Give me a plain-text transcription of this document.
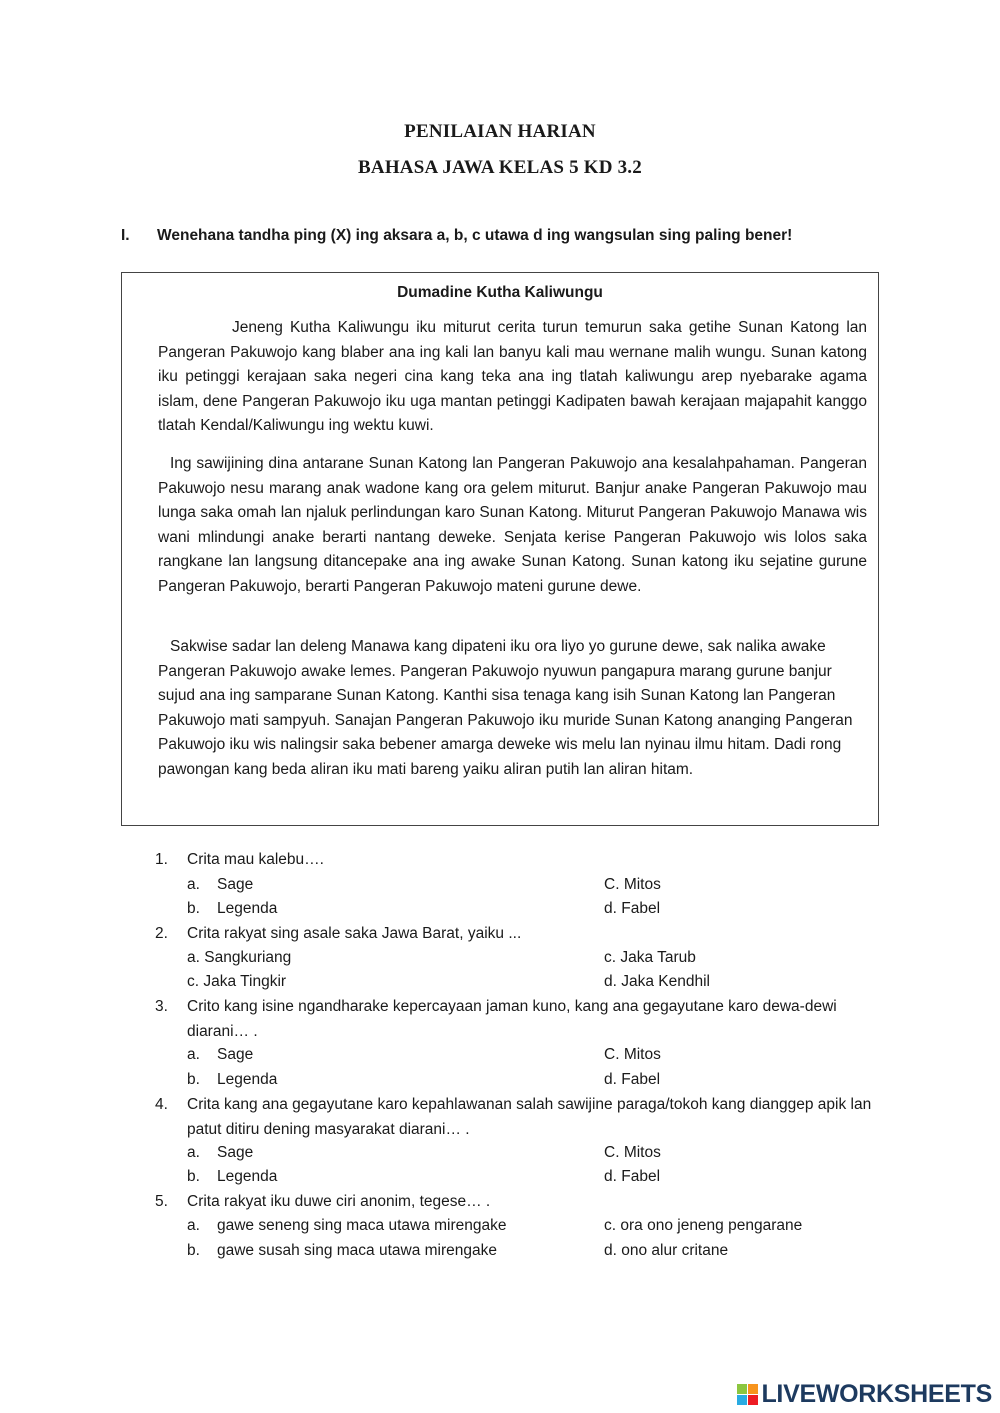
PENILAIAN HARIAN
BAHASA JAWA KELAS 5 KD 3.2
I. Wenehana tandha ping (X) ing aksara a, b, c utawa d ing wangsulan sing paling bener!
Dumadine Kutha Kaliwungu

Jeneng Kutha Kaliwungu iku miturut cerita turun temurun saka getihe Sunan Katong lan Pangeran Pakuwojo kang blaber ana ing kali lan banyu kali mau wernane malih wungu. Sunan katong iku petinggi kerajaan saka negeri cina kang teka ana ing tlatah kaliwungu arep nyebarake agama islam, dene Pangeran Pakuwojo iku uga mantan petinggi Kadipaten bawah kerajaan majapahit kanggo tlatah Kendal/Kaliwungu ing wektu kuwi.

Ing sawijining dina antarane Sunan Katong lan Pangeran Pakuwojo ana kesalahpahaman. Pangeran Pakuwojo nesu marang anak wadone kang ora gelem miturut. Banjur anake Pangeran Pakuwojo mau lunga saka omah lan njaluk perlindungan karo Sunan Katong. Miturut Pangeran Pakuwojo Manawa wis wani mlindungi anake berarti nantang deweke. Senjata kerise Pangeran Pakuwojo wis lolos saka rangkane lan langsung ditancepake ana ing awake Sunan Katong. Sunan katong iku sejatine gurune Pangeran Pakuwojo, berarti Pangeran Pakuwojo mateni gurune dewe.

Sakwise sadar lan deleng Manawa kang dipateni iku ora liyo yo gurune dewe, sak nalika awake Pangeran Pakuwojo awake lemes. Pangeran Pakuwojo nyuwun pangapura marang gurune banjur sujud ana ing samparane Sunan Katong. Kanthi sisa tenaga kang isih Sunan Katong lan Pangeran Pakuwojo mati sampyuh. Sanajan Pangeran Pakuwojo iku muride Sunan Katong ananging Pangeran Pakuwojo iku wis nalingsir saka bebener amarga deweke wis melu lan nyinau ilmu hitam. Dadi rong pawongan kang beda aliran iku mati bareng yaiku aliran putih lan aliran hitam.

1. Crita mau kalebu….
a. Sage	C. Mitos
b. Legenda	d. Fabel
2. Crita rakyat sing asale saka Jawa Barat, yaiku ...
a. Sangkuriang	c. Jaka Tarub
c. Jaka Tingkir	d. Jaka Kendhil
3. Crito kang isine ngandharake kepercayaan jaman kuno, kang ana gegayutane karo dewa-dewi diarani… .
a. Sage	C. Mitos
b. Legenda	d. Fabel
4. Crita kang ana gegayutane karo kepahlawanan salah sawijine paraga/tokoh kang dianggep apik lan patut ditiru dening masyarakat diarani… .
a. Sage	C. Mitos
b. Legenda	d. Fabel
5. Crita rakyat iku duwe ciri anonim, tegese… .
a. gawe seneng sing maca utawa mirengake	c. ora ono jeneng pengarane
b. gawe susah sing maca utawa mirengake	d. ono alur critane
LIVEWORKSHEETS
